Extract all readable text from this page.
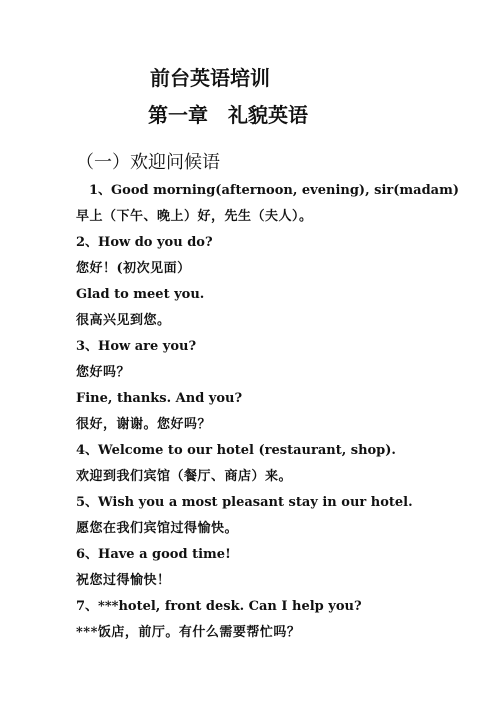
前台英语培训
第一章　礼貌英语
（一）欢迎问候语
1、Good morning(afternoon, evening), sir(madam)
早上（下午、晚上）好，先生（夫人）。
2、How do you do?
您好！(初次见面）
Glad to meet you.
很高兴见到您。
3、How are you?
您好吗？
Fine, thanks. And you?
很好，谢谢。您好吗？
4、Welcome to our hotel (restaurant, shop).
欢迎到我们宾馆（餐厅、商店）来。
5、Wish you a most pleasant stay in our hotel.
愿您在我们宾馆过得愉快。
6、Have a good time!
祝您过得愉快！
7、***hotel, front desk. Can I help you?
***饭店，前厅。有什么需要帮忙吗？
